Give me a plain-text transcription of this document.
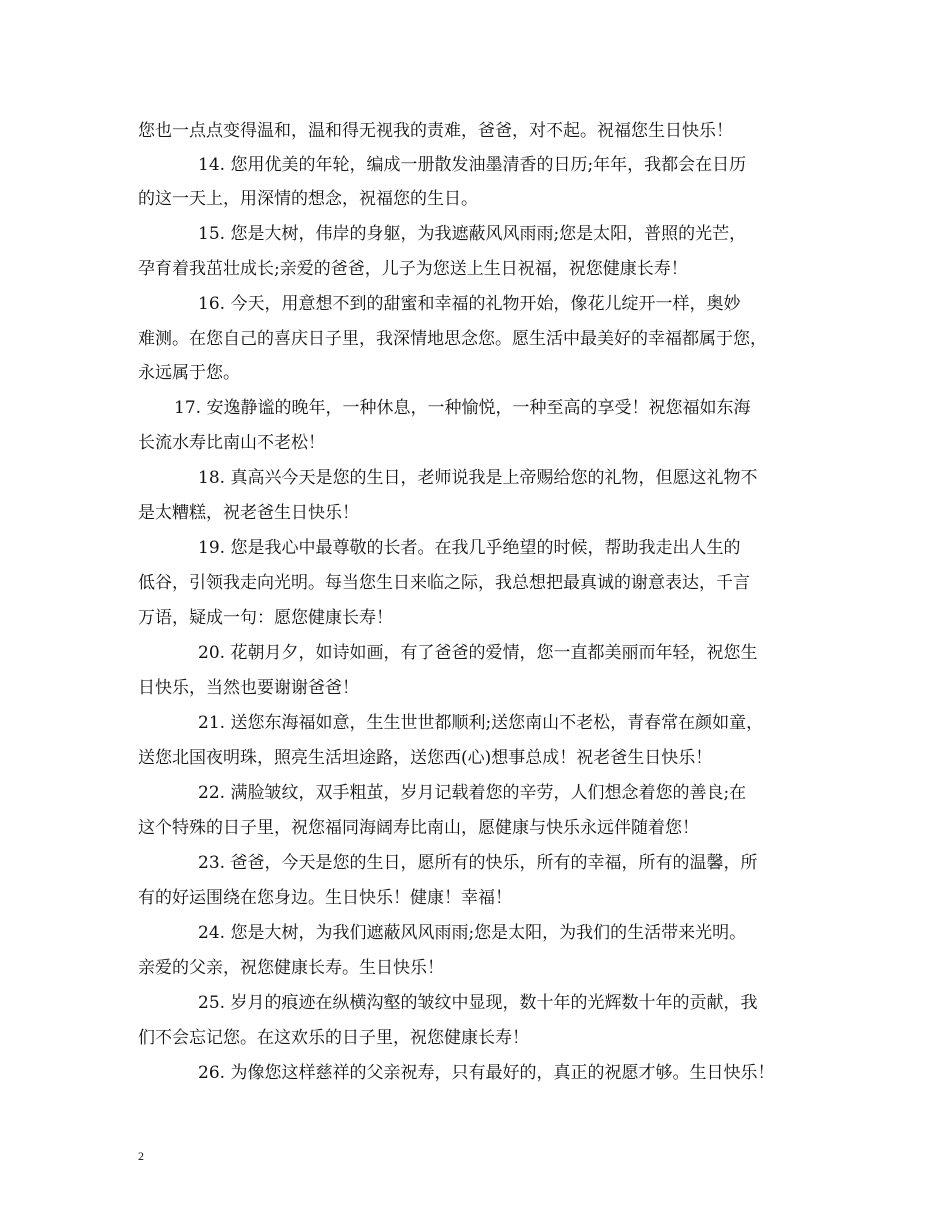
您也一点点变得温和，温和得无视我的责难，爸爸，对不起。祝福您生日快乐！
14. 您用优美的年轮，编成一册散发油墨清香的日历;年年，我都会在日历
的这一天上，用深情的想念，祝福您的生日。
15. 您是大树，伟岸的身躯，为我遮蔽风风雨雨;您是太阳，普照的光芒，
孕育着我茁壮成长;亲爱的爸爸，儿子为您送上生日祝福，祝您健康长寿！
16. 今天，用意想不到的甜蜜和幸福的礼物开始，像花儿绽开一样，奥妙
难测。在您自己的喜庆日子里，我深情地思念您。愿生活中最美好的幸福都属于您，
永远属于您。
17. 安逸静谧的晚年，一种休息，一种愉悦，一种至高的享受！祝您福如东海
长流水寿比南山不老松！
18. 真高兴今天是您的生日，老师说我是上帝赐给您的礼物，但愿这礼物不
是太糟糕，祝老爸生日快乐！
19. 您是我心中最尊敬的长者。在我几乎绝望的时候，帮助我走出人生的
低谷，引领我走向光明。每当您生日来临之际，我总想把最真诚的谢意表达，千言
万语，疑成一句：愿您健康长寿！
20. 花朝月夕，如诗如画，有了爸爸的爱情，您一直都美丽而年轻，祝您生
日快乐，当然也要谢谢爸爸！
21. 送您东海福如意，生生世世都顺利;送您南山不老松，青春常在颜如童，
送您北国夜明珠，照亮生活坦途路，送您西(心)想事总成！祝老爸生日快乐！
22. 满脸皱纹，双手粗茧，岁月记载着您的辛劳，人们想念着您的善良;在
这个特殊的日子里，祝您福同海阔寿比南山，愿健康与快乐永远伴随着您！
23. 爸爸，今天是您的生日，愿所有的快乐，所有的幸福，所有的温馨，所
有的好运围绕在您身边。生日快乐！健康！幸福！
24. 您是大树，为我们遮蔽风风雨雨;您是太阳，为我们的生活带来光明。
亲爱的父亲，祝您健康长寿。生日快乐！
25. 岁月的痕迹在纵横沟壑的皱纹中显现，数十年的光辉数十年的贡献，我
们不会忘记您。在这欢乐的日子里，祝您健康长寿！
26. 为像您这样慈祥的父亲祝寿，只有最好的，真正的祝愿才够。生日快乐！
2
